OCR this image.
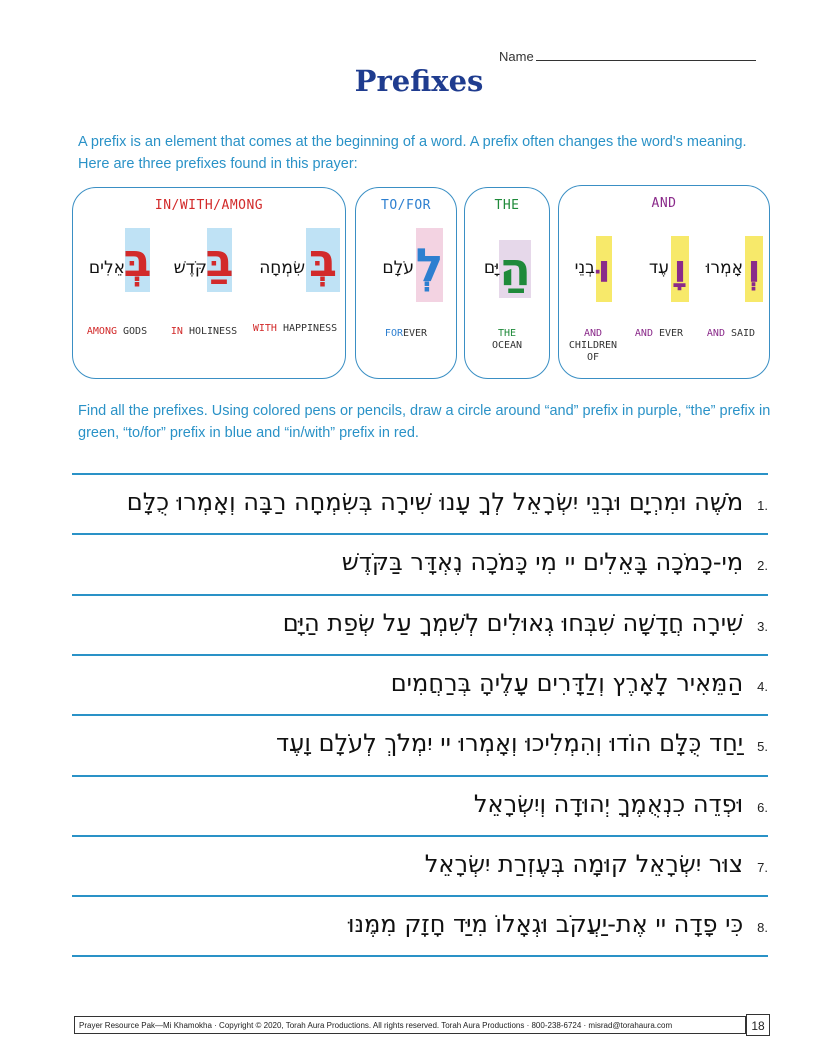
Name
Prefixes
A prefix is an element that comes at the beginning of a word. A prefix often changes the word's meaning. Here are three prefixes found in this prayer:
IN/WITH/AMONG
בְּ
אֵלִים
AMONG GODS
בַּ
קֹּדֶשׁ
IN HOLINESS
בְּ
שִׂמְחָה
WITH HAPPINESS
TO/FOR
לְ
עֹלָם
FOREVER
THE
הַ
יָּם
THE
OCEAN
AND
וּ
בְנֵי
AND
CHILDREN OF
וָ
עֶד
AND EVER
וְ
אָמְרוּ
AND SAID
Find all the prefixes. Using colored pens or pencils, draw a circle around “and” prefix in purple, “the” prefix in green, “to/for” prefix in blue and “in/with” prefix in red.
.1מֹשֶׁה וּמִרְיָם וּבְנֵי יִשְׂרָאֵל לְךָ עָנוּ שִׁירָה בְּשִׂמְחָה רַבָּה וְאָמְרוּ כֻלָּם
.2מִי-כָמֹכָה בָּאֵלִים יי מִי כָּמֹכָה נֶאְדָּר בַּקֹּדֶשׁ
.3שִׁירָה חֲדָשָׁה שִׁבְּחוּ גְאוּלִים לְשִׁמְךָ עַל שְׂפַת הַיָּם
.4הַמֵּאִיר לָאָרֶץ וְלַדָּרִים עָלֶיהָ בְּרַחֲמִים
.5יַחַד כֻּלָּם הוֹדוּ וְהִמְלִיכוּ וְאָמְרוּ יי יִמְלֹךְ לְעֹלָם וָעֶד
.6וּפְדֵה כִנְאֻמֶךָ יְהוּדָה וְיִשְׂרָאֵל
.7צוּר יִשְׂרָאֵל קוּמָה בְּעֶזְרַת יִשְׂרָאֵל
.8כִּי פָדָה יי אֶת-יַעֲקֹב וּגְאָלוֹ מִיַּד חָזָק מִמֶּנּוּ
Prayer Resource Pak—Mi Khamokha · Copyright © 2020, Torah Aura Productions. All rights reserved. Torah Aura Productions · 800-238-6724 · misrad@torahaura.com	18
